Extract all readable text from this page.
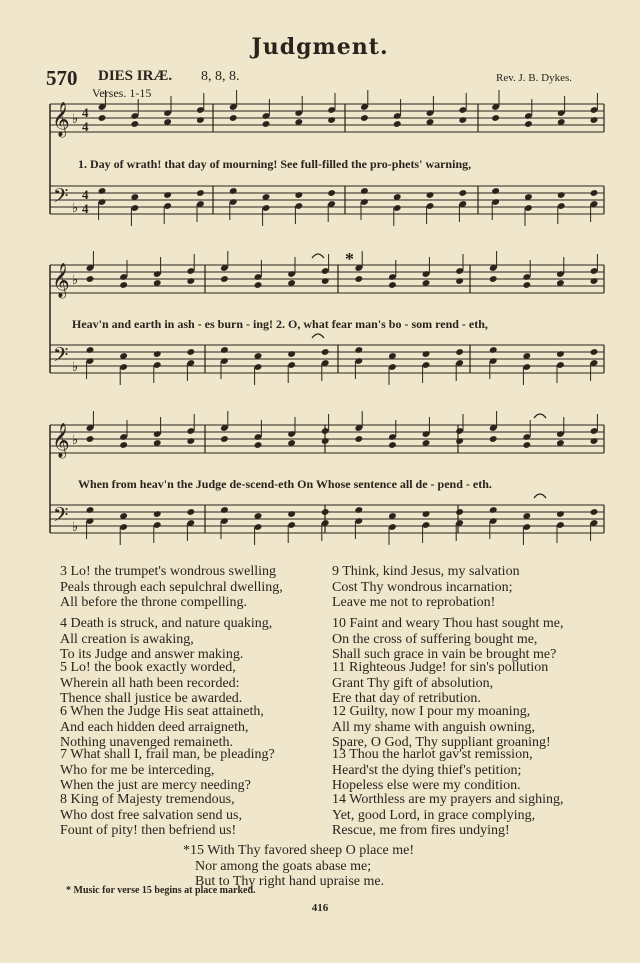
Judgment.
570 DIES IRÆ. 8, 8, 8.	Rev. J. B. Dykes.
Verses. 1-15
𝄞
𝄢
♭
♭
4
4
4
4
𝄞
𝄢
♭
♭
𝄞
𝄢
♭
♭
1. Day of wrath! that day of mourning! See full-filled the pro-phets' warning,
Heav'n and earth in ash - es burn - ing! 2. O, what fear man's bo - som rend - eth,
When from heav'n the Judge de-scend-eth On Whose sentence all de - pend - eth.
*

3 Lo! the trumpet's wondrous swelling

Peals through each sepulchral dwelling,

All before the throne compelling.

4 Death is struck, and nature quaking,

All creation is awaking,

To its Judge and answer making.

5 Lo! the book exactly worded,

Wherein all hath been recorded:

Thence shall justice be awarded.

6 When the Judge His seat attaineth,

And each hidden deed arraigneth,

Nothing unavenged remaineth.

7 What shall I, frail man, be pleading?

Who for me be interceding,

When the just are mercy needing?

8 King of Majesty tremendous,

Who dost free salvation send us,

Fount of pity! then befriend us!

9 Think, kind Jesus, my salvation

Cost Thy wondrous incarnation;

Leave me not to reprobation!

10 Faint and weary Thou hast sought me,

On the cross of suffering bought me,

Shall such grace in vain be brought me?

11 Righteous Judge! for sin's pollution

Grant Thy gift of absolution,

Ere that day of retribution.

12 Guilty, now I pour my moaning,

All my shame with anguish owning,

Spare, O God, Thy suppliant groaning!

13 Thou the harlot gav'st remission,

Heard'st the dying thief's petition;

Hopeless else were my condition.

14 Worthless are my prayers and sighing,

Yet, good Lord, in grace complying,

Rescue, me from fires undying!

*15 With Thy favored sheep O place me!

Nor among the goats abase me;

But to Thy right hand upraise me.

* Music for verse 15 begins at place marked.
416
